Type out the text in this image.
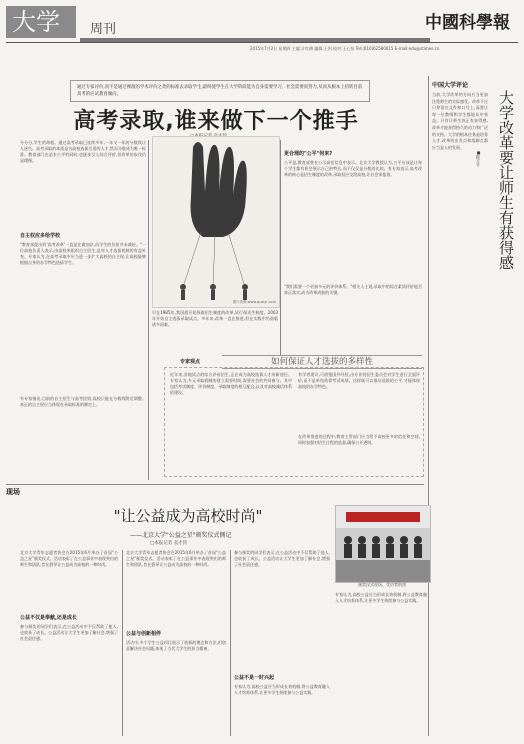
大学	周刊	中國科學報
2015年7月2日 星期四 主编:计红梅 编辑:王剑 校对:王心怡 Tel:(010)62580615 E-mail:edu@stimes.cn
通过专家评价,而不是通过裸演的学术评价之类的标准去录取学生,最终使学生在大学阶段能为自身需要学习、社会需要而努力,从而从根本上扭转目前高考的应试教育倾向。
高考录取,谁来做下一个推手
分分分,学生的命根。通过高考录取已连续多年,一年又一年的分数线让人迷失。高考录取的本质是为高校选拔合适的人才,然而分数成为唯一标准。教育部门在追求公平的同时,也逐步引入综合评价,但改革的步伐仍显缓慢。
自主权应多给学校
"教育部提出的'高考改革'一直是在做加法,而学生的负担并未减轻。"一位高校负责人表示,由高校来组织自主招生,是对人才选拔机制的有益补充。专家认为,在高考录取中应当进一步扩大高校的自主权,让高校能够根据自身的办学特色选拔学生。
有专家指出,目前的自主招生与高考挂钩,高校只能在分数线附近调整。真正的自主权应当体现在录取标准的制定上。
图片来源:www.gusiyi.com
早在1985年,我国就开始探索招生制度的改革,试行保送生制度。2003年开始自主选拔录取试点。多年来,改革一直在推进,但在实践中仍面临诸多困难。
更合理的"公平"何来?
公平是,教育部曾在公示高招信息中表示。北京大学教授认为,公平应该是让每个学生都有机会展示自己的特长,而不仅仅是分数的比较。有专家表示,高考改革的核心是招生制度的改革,录取权应交给高校,让社会来监督。
"我们需要一个更加多元的评价体系。"相关人士说,录取中的综合素质评价能否真正落实,成为改革成败的关键。
专家观点	如何保证人才选拔的多样性
近年来,各地试点的综合评价招生,正在成为高校选拔人才的新途径。专家认为,多元录取机制的建立需要时间,需要社会的共同参与。其中包括考试制度、评价制度、录取制度的相互配合,以及对高校诚信体系的建设。
有学者建议,可借鉴国外经验,由专业的招生委员会对学生进行全面评价,而不是单纯依靠考试成绩。这样既可以保证选拔的公平,又能体现高校的办学特色。
在改革推进的过程中,教育主管部门应当给予高校更多的信任和空间,同时加强对招生过程的监督,确保公开透明。
中国大学评论
大学改革要让师生有获得感
■程方平
当前,大学改革的方向应当更加注重师生的实际感受。改革不应只停留在文件和口号上,而要让每一位教师和学生都能从中获益。只有让师生真正有获得感,改革才能获得持久的动力和广泛的支持。大学的根本任务是培养人才,改革的出发点和落脚点都应当是人的发展。
现场
"让公益成为高校时尚"
——北京大学"公益之星"颁奖仪式侧记
□本报记者 袁才钧
北京大学青年志愿者协会在2015年6月举办了首届"公益之星"颁奖仪式。活动表彰了在公益事业中表现突出的师生和团队,旨在倡导让公益成为高校的一种时尚。
公益不仅是奉献,还是成长
参与颁奖的同学们表示,在公益活动中不仅帮助了他人,也收获了成长。公益活动让大学生更加了解社会,增强了社会责任感。
北京大学青年志愿者协会在2015年6月举办了首届"公益之星"颁奖仪式。活动表彰了在公益事业中表现突出的师生和团队,旨在倡导让公益成为高校的一种时尚。
公益与创新相伴
活动中,多个学生公益项目展示了创新的理念和方法,用创意解决社会问题,体现了当代大学生的担当精神。
参与颁奖的同学们表示,在公益活动中不仅帮助了他人,也收获了成长。公益活动让大学生更加了解社会,增强了社会责任感。
公益不是一时兴起
专家认为,高校公益应当形成长效机制,将公益教育融入人才培养体系,让更多学生持续参与公益实践。
颁奖仪式现场。受访者供图
专家认为,高校公益应当形成长效机制,将公益教育融入人才培养体系,让更多学生持续参与公益实践。
